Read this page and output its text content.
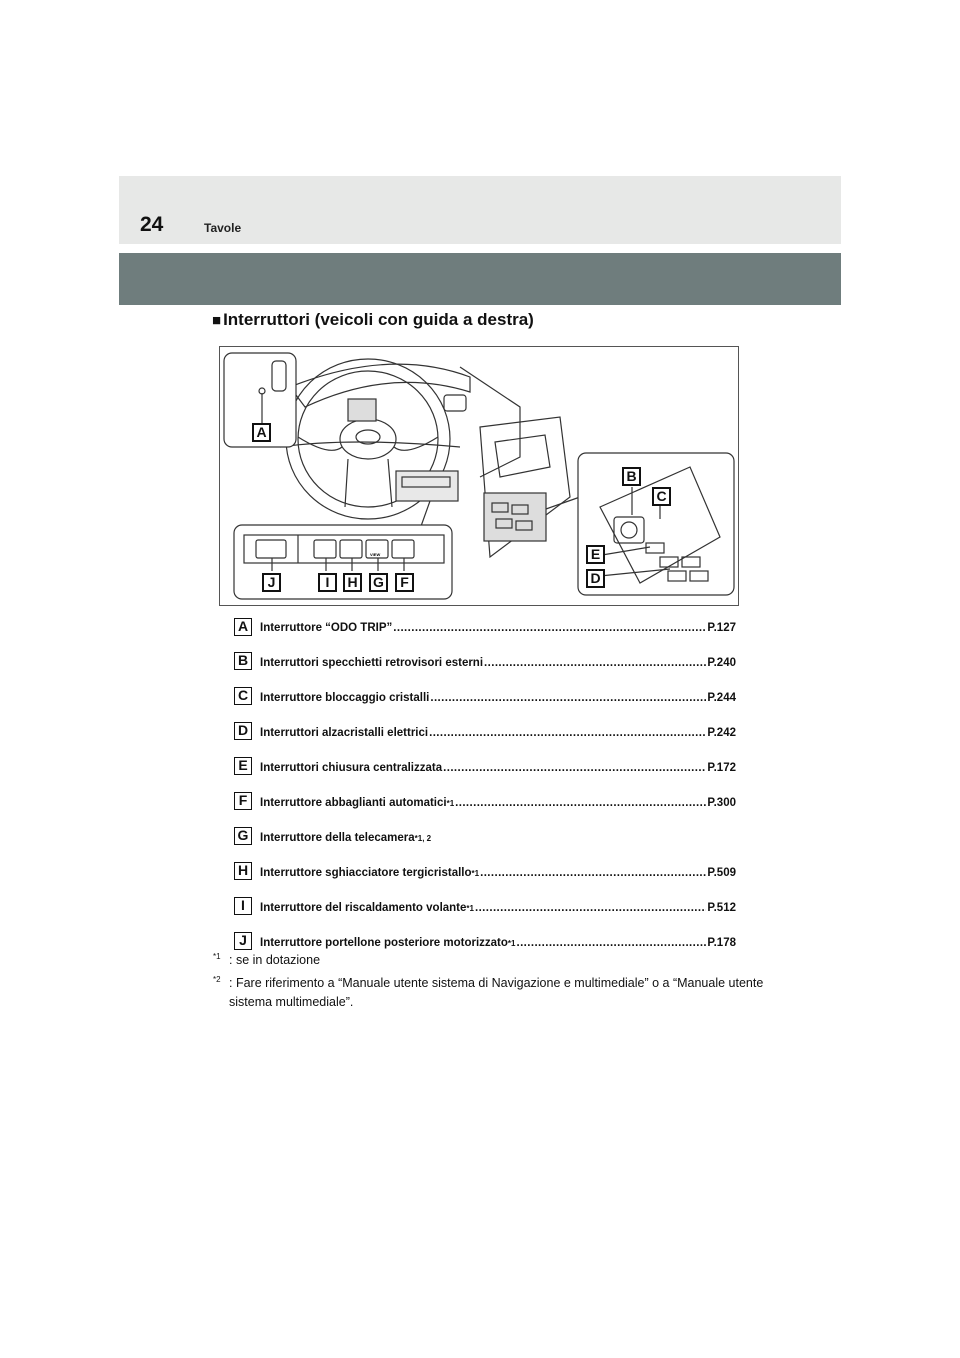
24	Tavole
■ Interruttori (veicoli con guida a destra)
VIEW
A
B
C
E
D
J	I	H	G	F
A	Interruttore “ODO TRIP” .....	P.127
B	Interruttori specchietti retrovisori esterni .....	P.240
C	Interruttore bloccaggio cristalli .....	P.244
D	Interruttori alzacristalli elettrici .....	P.242
E	Interruttori chiusura centralizzata .....	P.172
F	Interruttore abbaglianti automatici *1 .....	P.300
G	Interruttore della telecamera *1, 2
H	Interruttore sghiacciatore tergicristallo *1 .....	P.509
I	Interruttore del riscaldamento volante *1 .....	P.512
J	Interruttore portellone posteriore motorizzato *1 .....	P.178
$^{*1}$ : se in dotazione
$^{*2}$ : Fare riferimento a “Manuale utente sistema di Navigazione e multimediale” o a “Manuale utente sistema multimediale”.
